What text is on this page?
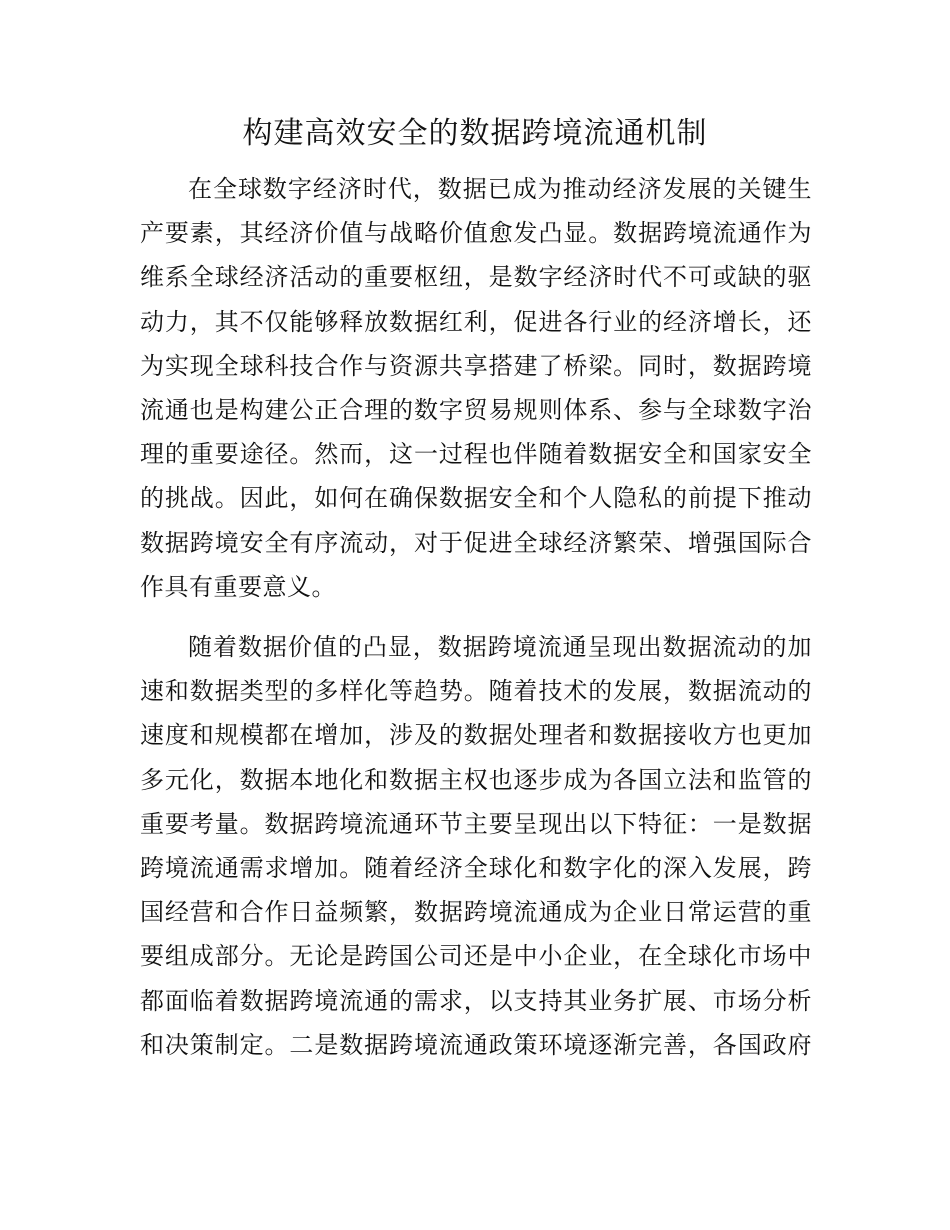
构建高效安全的数据跨境流通机制
在全球数字经济时代，数据已成为推动经济发展的关键生
产要素，其经济价值与战略价值愈发凸显。数据跨境流通作为
维系全球经济活动的重要枢纽，是数字经济时代不可或缺的驱
动力，其不仅能够释放数据红利，促进各行业的经济增长，还
为实现全球科技合作与资源共享搭建了桥梁。同时，数据跨境
流通也是构建公正合理的数字贸易规则体系、参与全球数字治
理的重要途径。然而，这一过程也伴随着数据安全和国家安全
的挑战。因此，如何在确保数据安全和个人隐私的前提下推动
数据跨境安全有序流动，对于促进全球经济繁荣、增强国际合
作具有重要意义。
随着数据价值的凸显，数据跨境流通呈现出数据流动的加
速和数据类型的多样化等趋势。随着技术的发展，数据流动的
速度和规模都在增加，涉及的数据处理者和数据接收方也更加
多元化，数据本地化和数据主权也逐步成为各国立法和监管的
重要考量。数据跨境流通环节主要呈现出以下特征：一是数据
跨境流通需求增加。随着经济全球化和数字化的深入发展，跨
国经营和合作日益频繁，数据跨境流通成为企业日常运营的重
要组成部分。无论是跨国公司还是中小企业，在全球化市场中
都面临着数据跨境流通的需求，以支持其业务扩展、市场分析
和决策制定。二是数据跨境流通政策环境逐渐完善，各国政府
